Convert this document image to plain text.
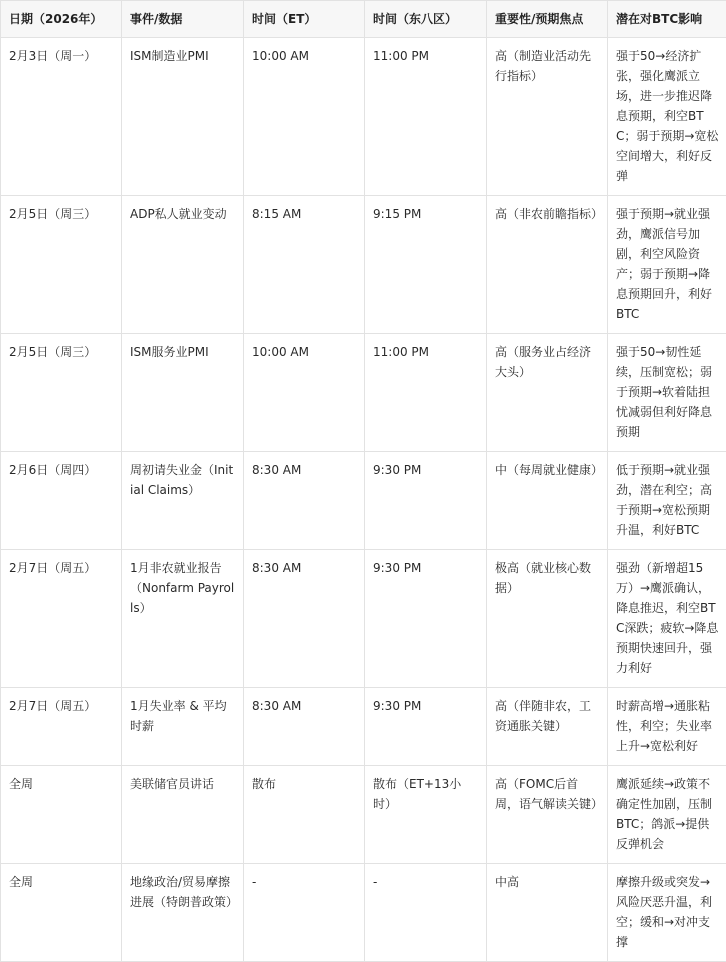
日期（2026年）	事件/数据	时间（ET）	时间（东八区）	重要性/预期焦点	潜在对BTC影响
2月3日（周一）	ISM制造业PMI	10:00 AM	11:00 PM	高（制造业活动先行指标）	强于50→经济扩张，强化鹰派立场，进一步推迟降息预期，利空BTC；弱于预期→宽松空间增大，利好反弹
2月5日（周三）	ADP私人就业变动	8:15 AM	9:15 PM	高（非农前瞻指标）	强于预期→就业强劲，鹰派信号加剧，利空风险资产；弱于预期→降息预期回升，利好BTC
2月5日（周三）	ISM服务业PMI	10:00 AM	11:00 PM	高（服务业占经济大头）	强于50→韧性延续，压制宽松；弱于预期→软着陆担忧减弱但利好降息预期
2月6日（周四）	周初请失业金（Initial Claims）	8:30 AM	9:30 PM	中（每周就业健康）	低于预期→就业强劲，潜在利空；高于预期→宽松预期升温，利好BTC
2月7日（周五）	1月非农就业报告（Nonfarm Payrolls）	8:30 AM	9:30 PM	极高（就业核心数据）	强劲（新增超15万）→鹰派确认，降息推迟，利空BTC深跌；疲软→降息预期快速回升，强力利好
2月7日（周五）	1月失业率 & 平均时薪	8:30 AM	9:30 PM	高（伴随非农，工资通胀关键）	时薪高增→通胀粘性，利空；失业率上升→宽松利好
全周	美联储官员讲话	散布	散布（ET+13小时）	高（FOMC后首周，语气解读关键）	鹰派延续→政策不确定性加剧，压制BTC；鸽派→提供反弹机会
全周	地缘政治/贸易摩擦进展（特朗普政策）	-	-	中高	摩擦升级或突发→风险厌恶升温，利空；缓和→对冲支撑
